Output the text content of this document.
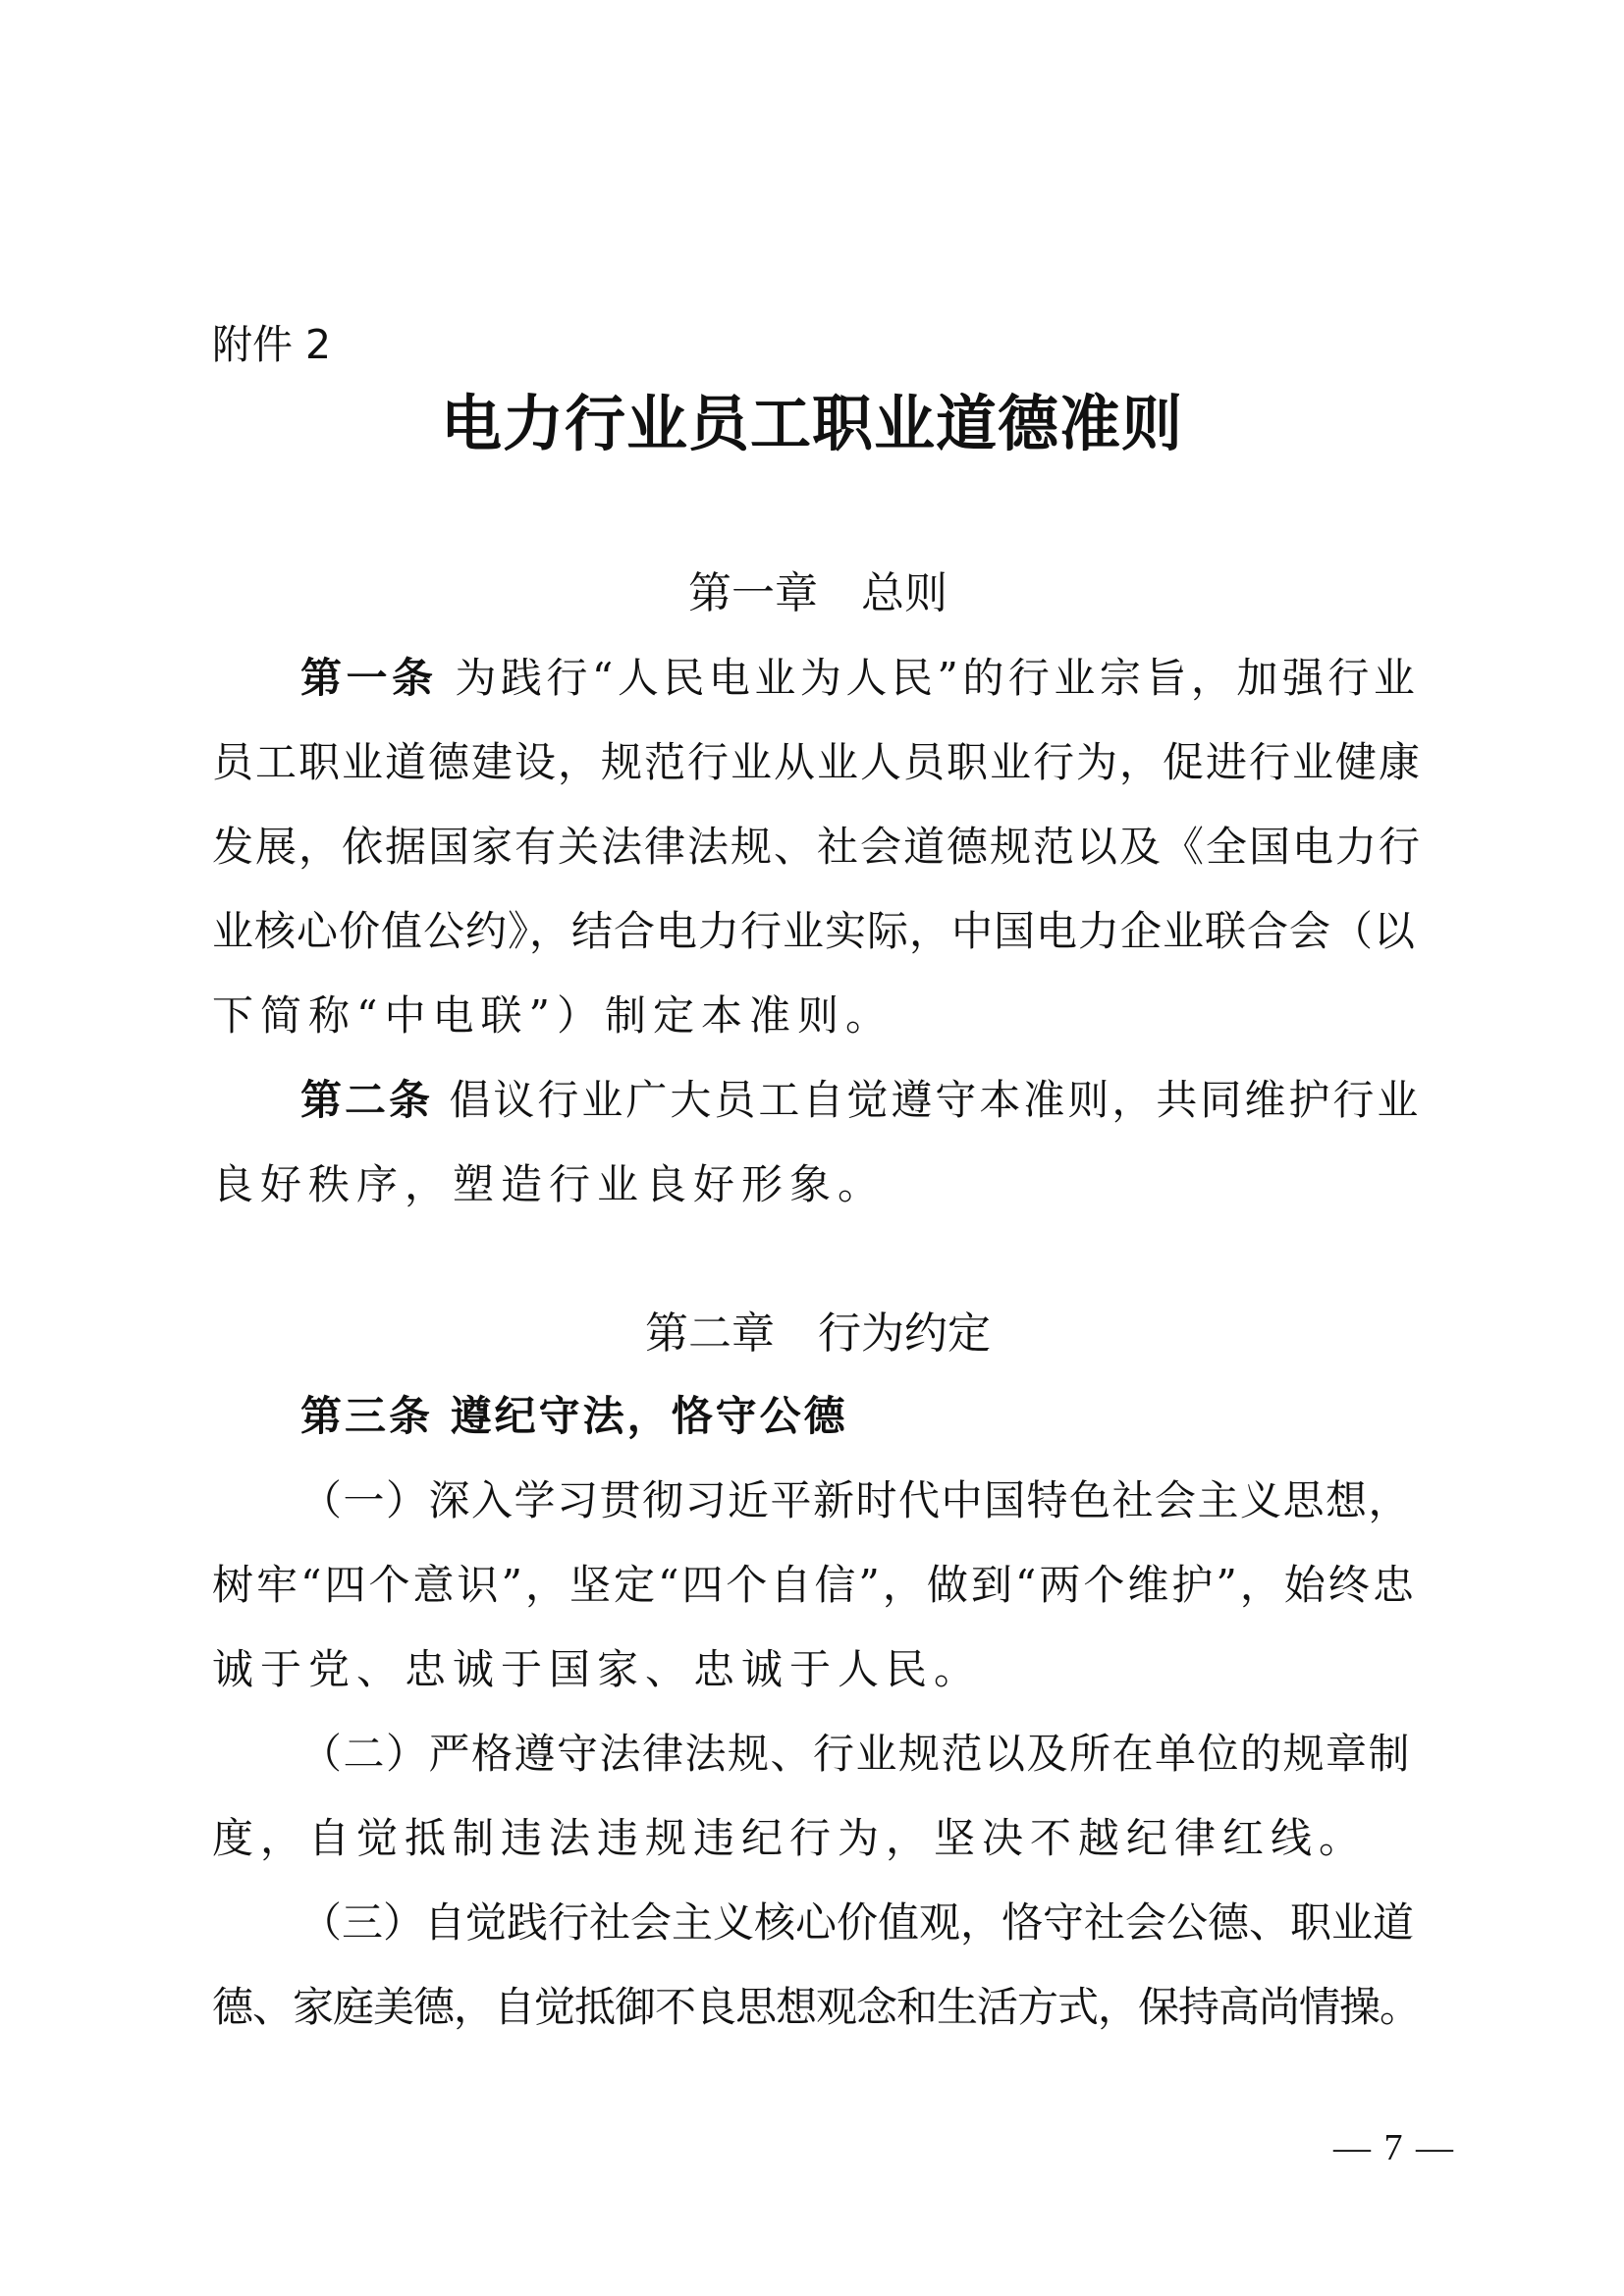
附件 2
电力行业员工职业道德准则
第一章　总则
第一条 为践行“人民电业为人民”的行业宗旨，加强行业
员工职业道德建设，规范行业从业人员职业行为，促进行业健康
发展，依据国家有关法律法规、社会道德规范以及《全国电力行
业核心价值公约》，结合电力行业实际，中国电力企业联合会（以
下简称“中电联”）制定本准则。
第二条 倡议行业广大员工自觉遵守本准则，共同维护行业
良好秩序，塑造行业良好形象。
第二章　行为约定
第三条 遵纪守法，恪守公德
（一）深入学习贯彻习近平新时代中国特色社会主义思想，
树牢“四个意识”，坚定“四个自信”，做到“两个维护”，始终忠
诚于党、忠诚于国家、忠诚于人民。
（二）严格遵守法律法规、行业规范以及所在单位的规章制
度，自觉抵制违法违规违纪行为，坚决不越纪律红线。
（三）自觉践行社会主义核心价值观，恪守社会公德、职业道
德、家庭美德，自觉抵御不良思想观念和生活方式，保持高尚情操。
— 7 —
